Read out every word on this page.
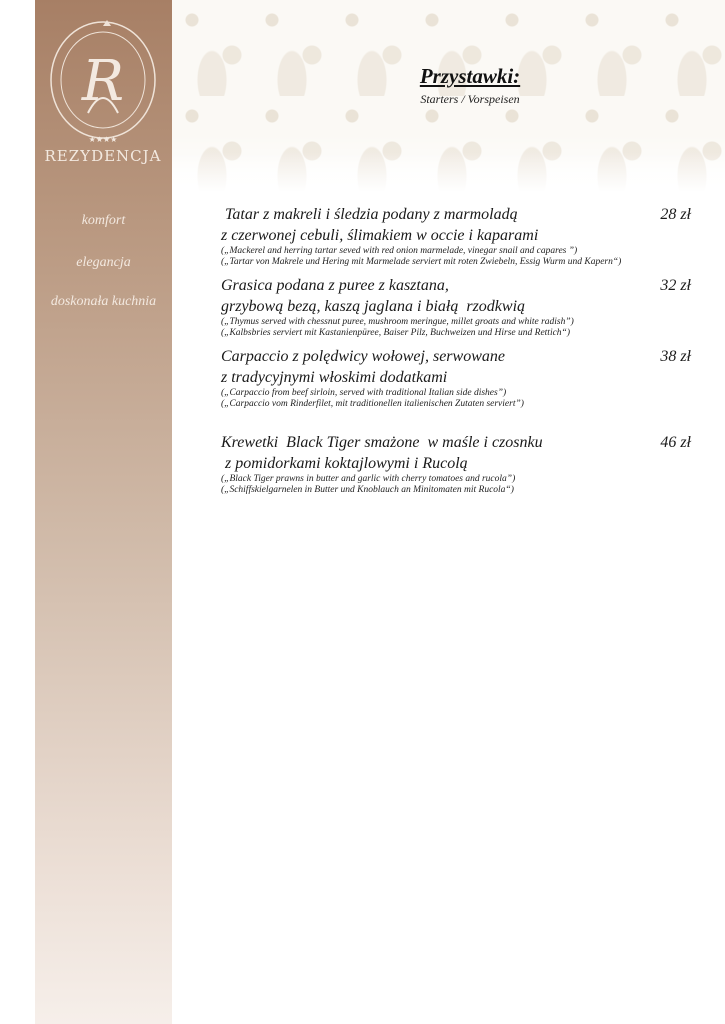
R
★★★★
REZYDENCJA
komfort
elegancja
doskonała kuchnia
Przystawki:
Starters / Vorspeisen
Tatar z makreli i śledzia podany z marmoladą
z czerwonej cebuli, ślimakiem w occie i kaparami
28 zł
(„Mackerel and herring tartar seved with red onion marmelade, vinegar snail and capares ”)
(„Tartar von Makrele und Hering mit Marmelade serviert mit roten Zwiebeln, Essig Wurm und Kapern“)
Grasica podana z puree z kasztana,
grzybową bezą, kaszą jaglana i białą  rzodkwią
32 zł
(„Thymus served with chessnut puree, mushroom meringue, millet groats and white radish”)
(„Kalbsbries serviert mit Kastanienpüree, Baiser Pilz, Buchweizen und Hirse und Rettich“)
Carpaccio z polędwicy wołowej, serwowane
z tradycyjnymi włoskimi dodatkami
38 zł
(„Carpaccio from beef sirloin, served with traditional Italian side dishes”)
(„Carpaccio vom Rinderfilet, mit traditionellen italienischen Zutaten serviert”)
Krewetki  Black Tiger smażone  w maśle i czosnku
z pomidorkami koktajlowymi i Rucolą
46 zł
(„Black Tiger prawns in butter and garlic with cherry tomatoes and rucola”)
(„Schiffskielgarnelen in Butter und Knoblauch an Minitomaten mit Rucola“)
